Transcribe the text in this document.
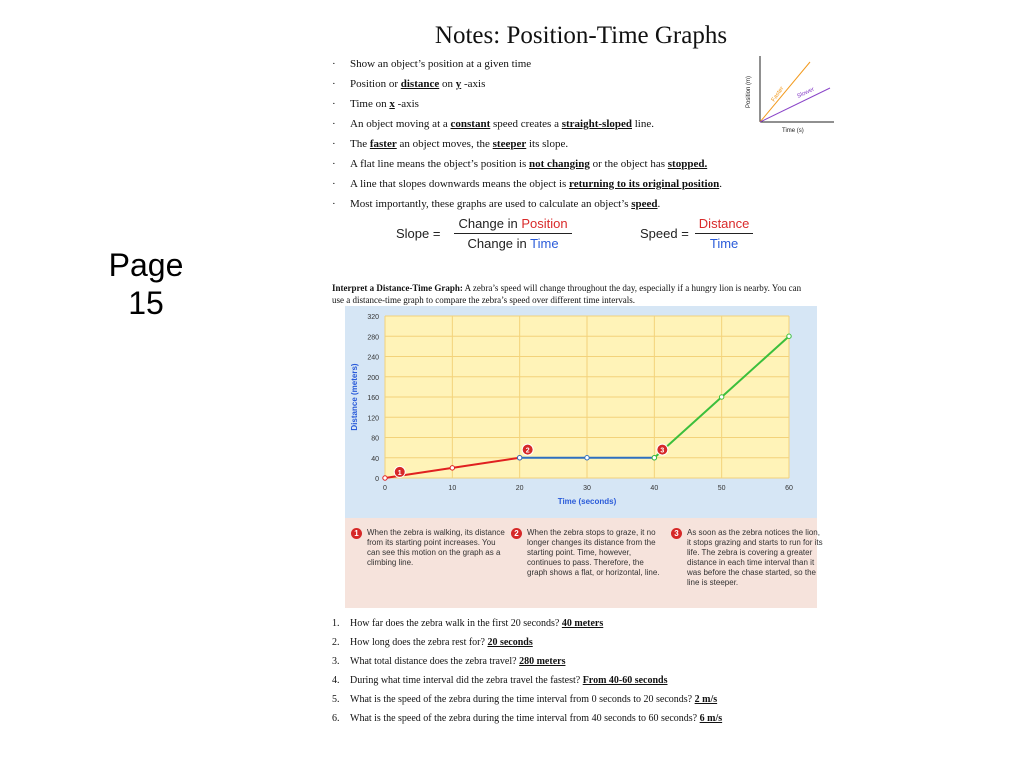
Page 15
Notes: Position-Time Graphs
· Show an object’s position at a given time
· Position or distance on y -axis
· Time on x -axis
· An object moving at a constant speed creates a straight-sloped line.
· The faster an object moves, the steeper its slope.
· A flat line means the object’s position is not changing or the object has stopped.
· A line that slopes downwards means the object is returning to its original position.
· Most importantly, these graphs are used to calculate an object’s speed.
Position (m)
Time (s)
Faster Slower
Slope = $\frac{\text{Change in Position}}{\text{Change in Time}}$	Speed = $\frac{\text{Distance}}{\text{Time}}$
Interpret a Distance-Time Graph: A zebra’s speed will change throughout the day, especially if a hungry lion is nearby. You can use a distance-time graph to compare the zebra’s speed over different time intervals.
0
40
80
120
160
200
240
280
320
0	10	20	30	40	50	60
Time (seconds)
Distance (meters)
1
2	3
1	When the zebra is walking, its distance from its starting point increases. You can see this motion on the graph as a climbing line.
2	When the zebra stops to graze, it no longer changes its distance from the starting point. Time, however, continues to pass. Therefore, the graph shows a flat, or horizontal, line.
3	As soon as the zebra notices the lion, it stops grazing and starts to run for its life. The zebra is covering a greater distance in each time interval than it was before the chase started, so the line is steeper.
1. How far does the zebra walk in the first 20 seconds? 40 meters
2. How long does the zebra rest for? 20 seconds
3. What total distance does the zebra travel? 280 meters
4. During what time interval did the zebra travel the fastest? From 40-60 seconds
5. What is the speed of the zebra during the time interval from 0 seconds to 20 seconds? 2 m/s
6. What is the speed of the zebra during the time interval from 40 seconds to 60 seconds? 6 m/s
